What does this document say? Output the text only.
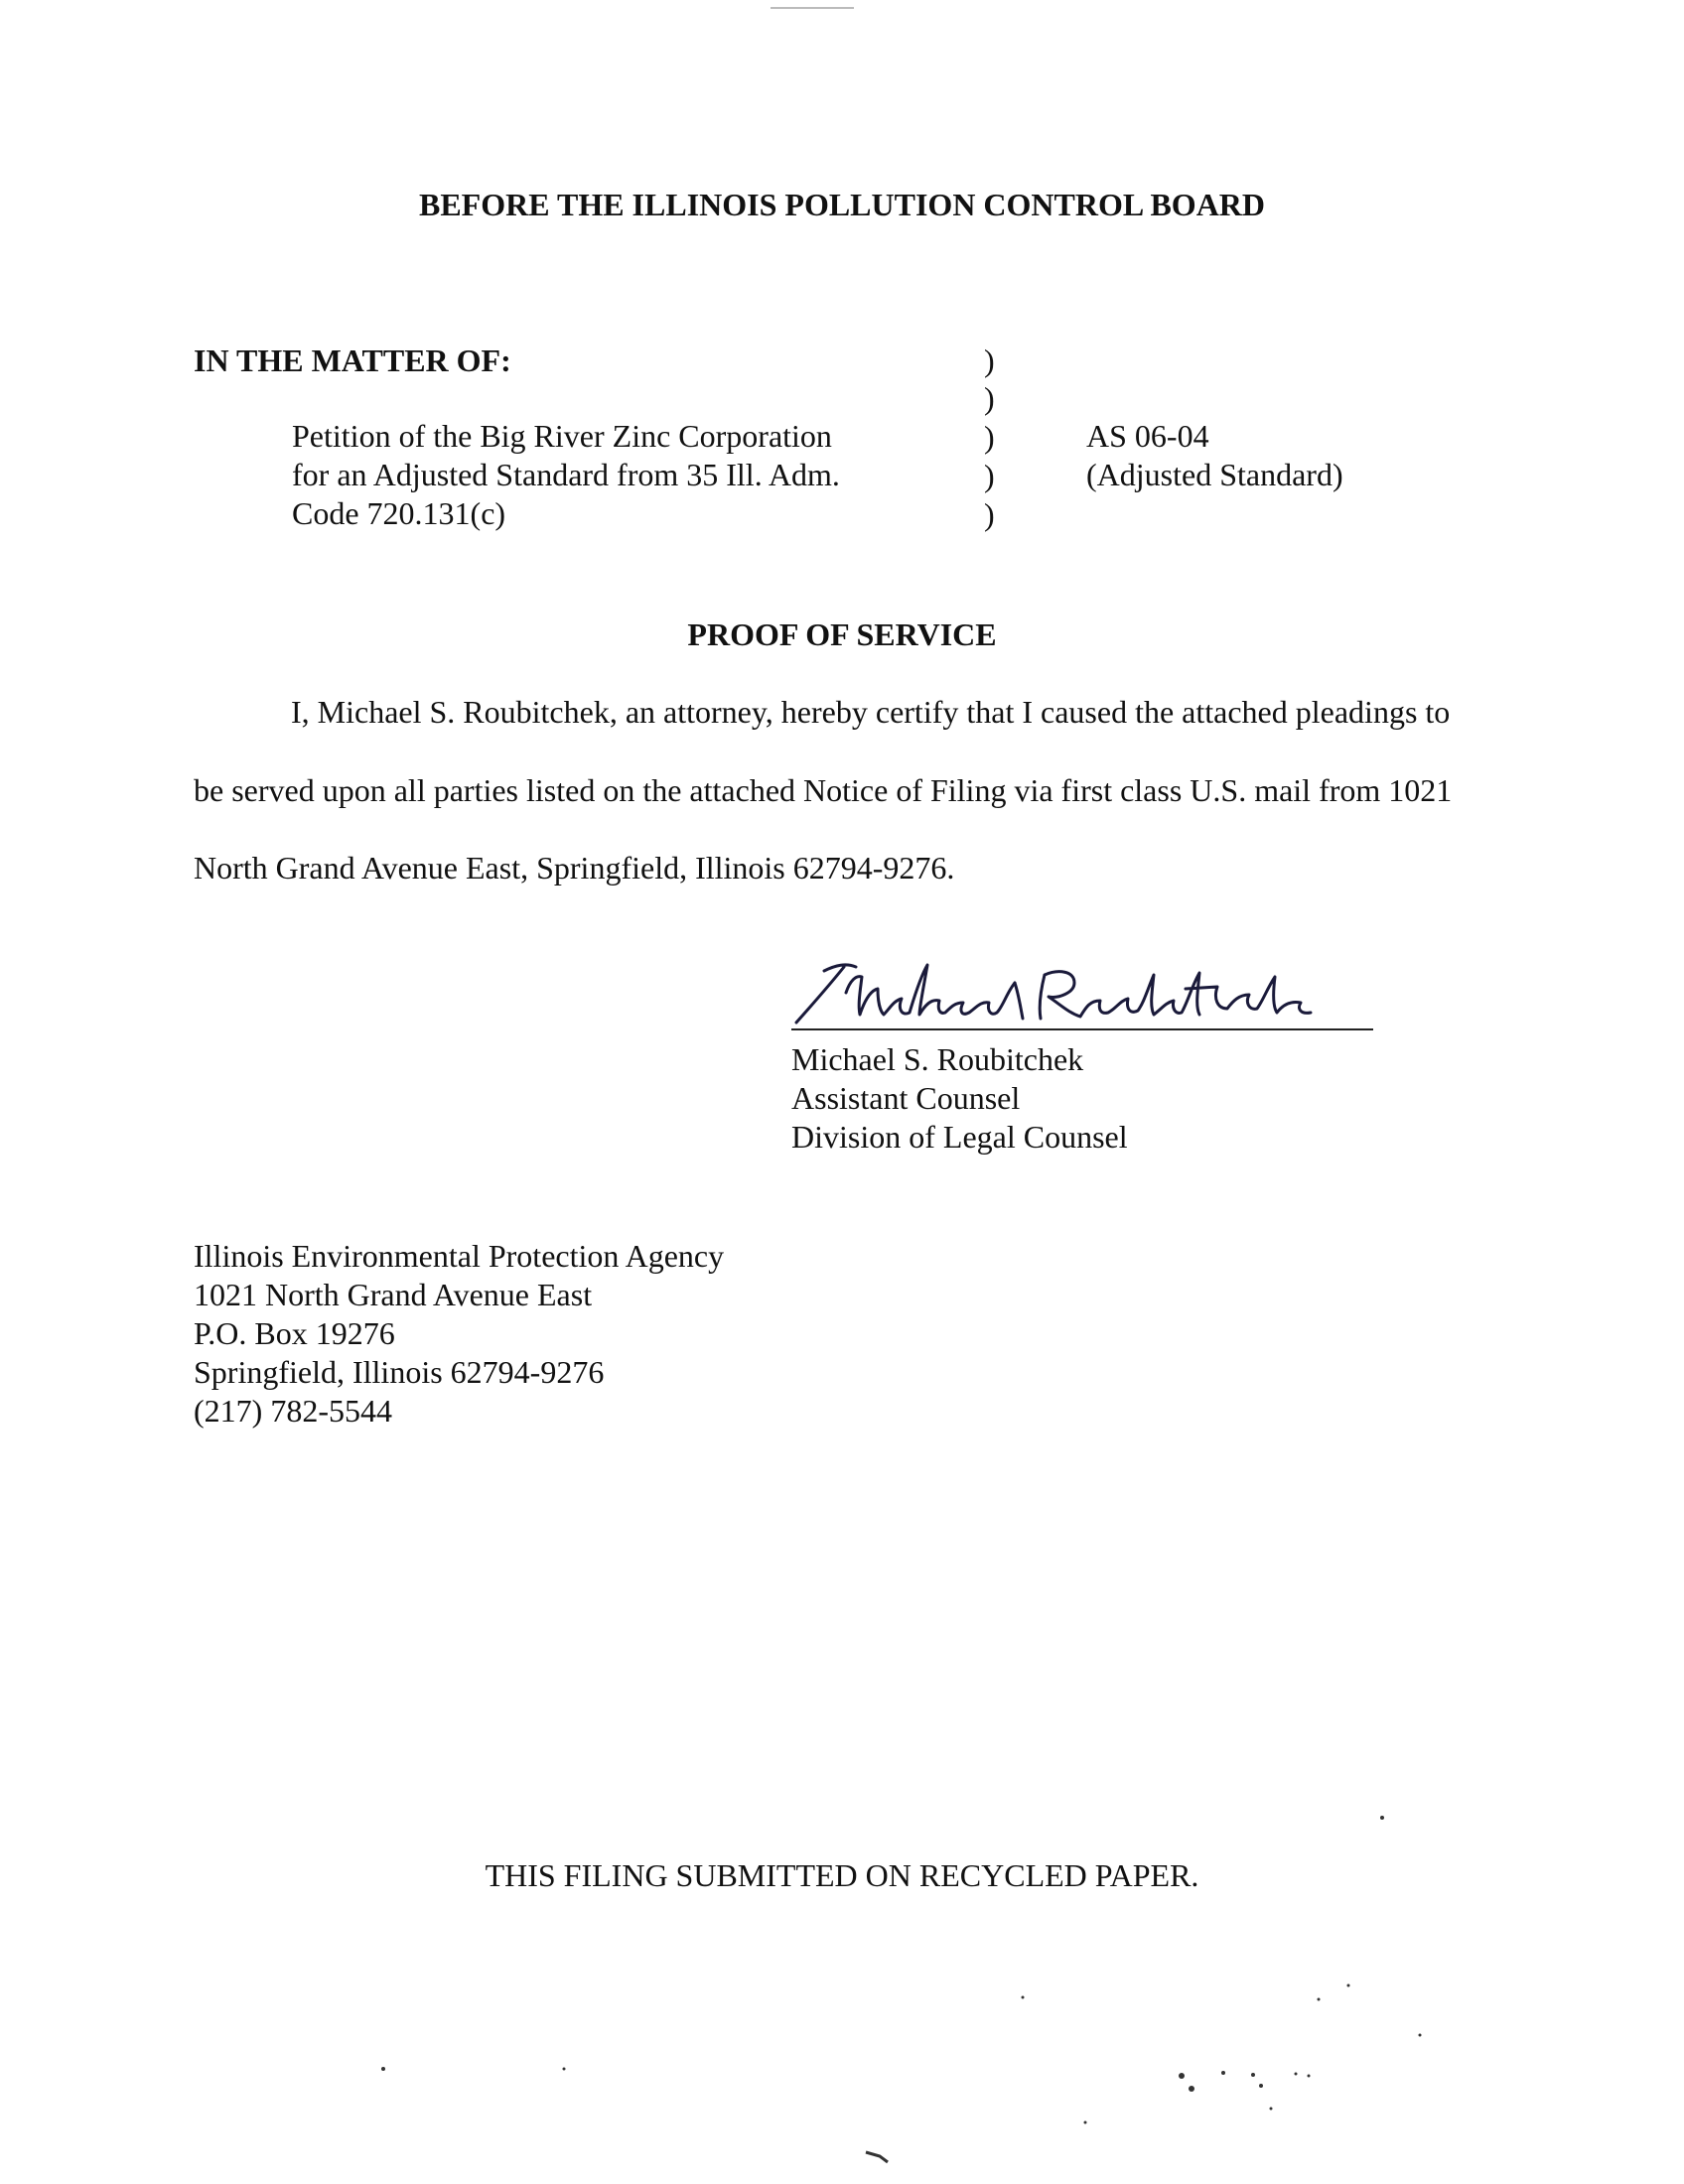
BEFORE THE ILLINOIS POLLUTION CONTROL BOARD

IN THE MATTER OF:

Petition of the Big River Zinc Corporation

for an Adjusted Standard from 35 Ill. Adm.

Code 720.131(c)

)

)

)

)

)

AS 06-04

(Adjusted Standard)

PROOF OF SERVICE

I, Michael S. Roubitchek, an attorney, hereby certify that I caused the attached pleadings to

be served upon all parties listed on the attached Notice of Filing via first class U.S. mail from 1021

North Grand Avenue East, Springfield, Illinois 62794-9276.

Michael S. Roubitchek

Assistant Counsel

Division of Legal Counsel

Illinois Environmental Protection Agency

1021 North Grand Avenue East

P.O. Box 19276

Springfield, Illinois 62794-9276

(217) 782-5544

THIS FILING SUBMITTED ON RECYCLED PAPER.
